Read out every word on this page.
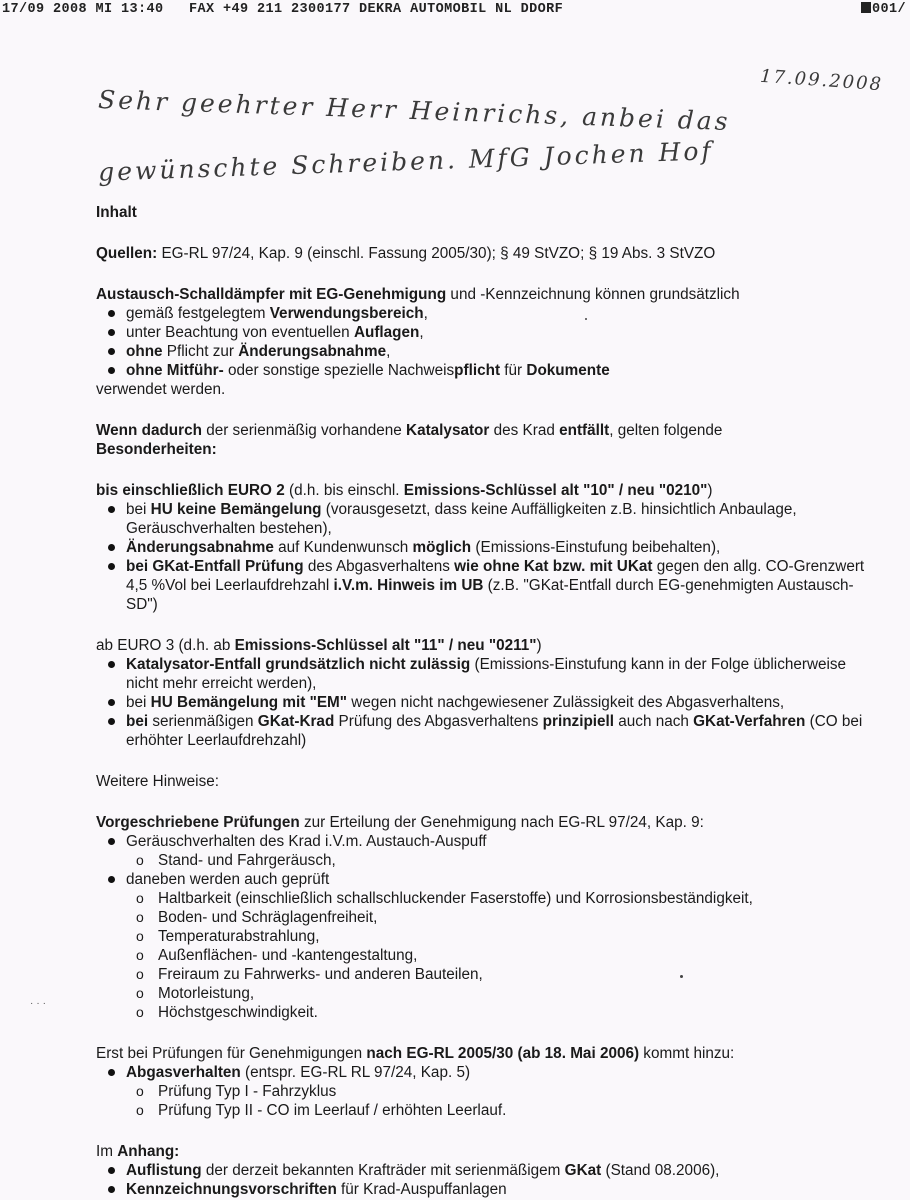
17/09 2008 MI 13:40   FAX +49 211 2300177 DEKRA AUTOMOBIL NL DDORF	001/
17.09.2008
Sehr geehrter Herr Heinrichs, anbei das
gewünschte Schreiben. MfG Jochen Hof

Inhalt

Quellen: EG-RL 97/24, Kap. 9 (einschl. Fassung 2005/30); § 49 StVZO; § 19 Abs. 3 StVZO

Austausch-Schalldämpfer mit EG-Genehmigung und -Kennzeichnung können grundsätzlich

gemäß festgelegtem Verwendungsbereich,
unter Beachtung von eventuellen Auflagen,
ohne Pflicht zur Änderungsabnahme,
ohne Mitführ- oder sonstige spezielle Nachweispflicht für Dokumente

verwendet werden.

Wenn dadurch der serienmäßig vorhandene Katalysator des Krad entfällt, gelten folgende
Besonderheiten:

bis einschließlich EURO 2 (d.h. bis einschl. Emissions-Schlüssel alt "10" / neu "0210")

bei HU keine Bemängelung (vorausgesetzt, dass keine Auffälligkeiten z.B. hinsichtlich Anbaulage, Geräuschverhalten bestehen),
Änderungsabnahme auf Kundenwunsch möglich (Emissions-Einstufung beibehalten),
bei GKat-Entfall Prüfung des Abgasverhaltens wie ohne Kat bzw. mit UKat gegen den allg. CO-Grenzwert 4,5 %Vol bei Leerlaufdrehzahl i.V.m. Hinweis im UB (z.B. "GKat-Entfall durch EG-genehmigten Austausch-SD")

ab EURO 3 (d.h. ab Emissions-Schlüssel alt "11" / neu "0211")

Katalysator-Entfall grundsätzlich nicht zulässig (Emissions-Einstufung kann in der Folge üblicherweise nicht mehr erreicht werden),
bei HU Bemängelung mit "EM" wegen nicht nachgewiesener Zulässigkeit des Abgasverhaltens,
bei serienmäßigen GKat-Krad Prüfung des Abgasverhaltens prinzipiell auch nach GKat-Verfahren (CO bei erhöhter Leerlaufdrehzahl)

Weitere Hinweise:

Vorgeschriebene Prüfungen zur Erteilung der Genehmigung nach EG-RL 97/24, Kap. 9:

Geräuschverhalten des Krad i.V.m. Austauch-Auspuff
o Stand- und Fahrgeräusch,
daneben werden auch geprüft
o Haltbarkeit (einschließlich schallschluckender Faserstoffe) und Korrosionsbeständigkeit,
o Boden- und Schräglagenfreiheit,
o Temperaturabstrahlung,
o Außenflächen- und -kantengestaltung,
o Freiraum zu Fahrwerks- und anderen Bauteilen,
o Motorleistung,
o Höchstgeschwindigkeit.

Erst bei Prüfungen für Genehmigungen nach EG-RL 2005/30 (ab 18. Mai 2006) kommt hinzu:

Abgasverhalten (entspr. EG-RL RL 97/24, Kap. 5)
o Prüfung Typ I - Fahrzyklus
o Prüfung Typ II - CO im Leerlauf / erhöhten Leerlauf.

Im Anhang:

Auflistung der derzeit bekannten Krafträder mit serienmäßigem GKat (Stand 08.2006),
Kennzeichnungsvorschriften für Krad-Auspuffanlagen
···
